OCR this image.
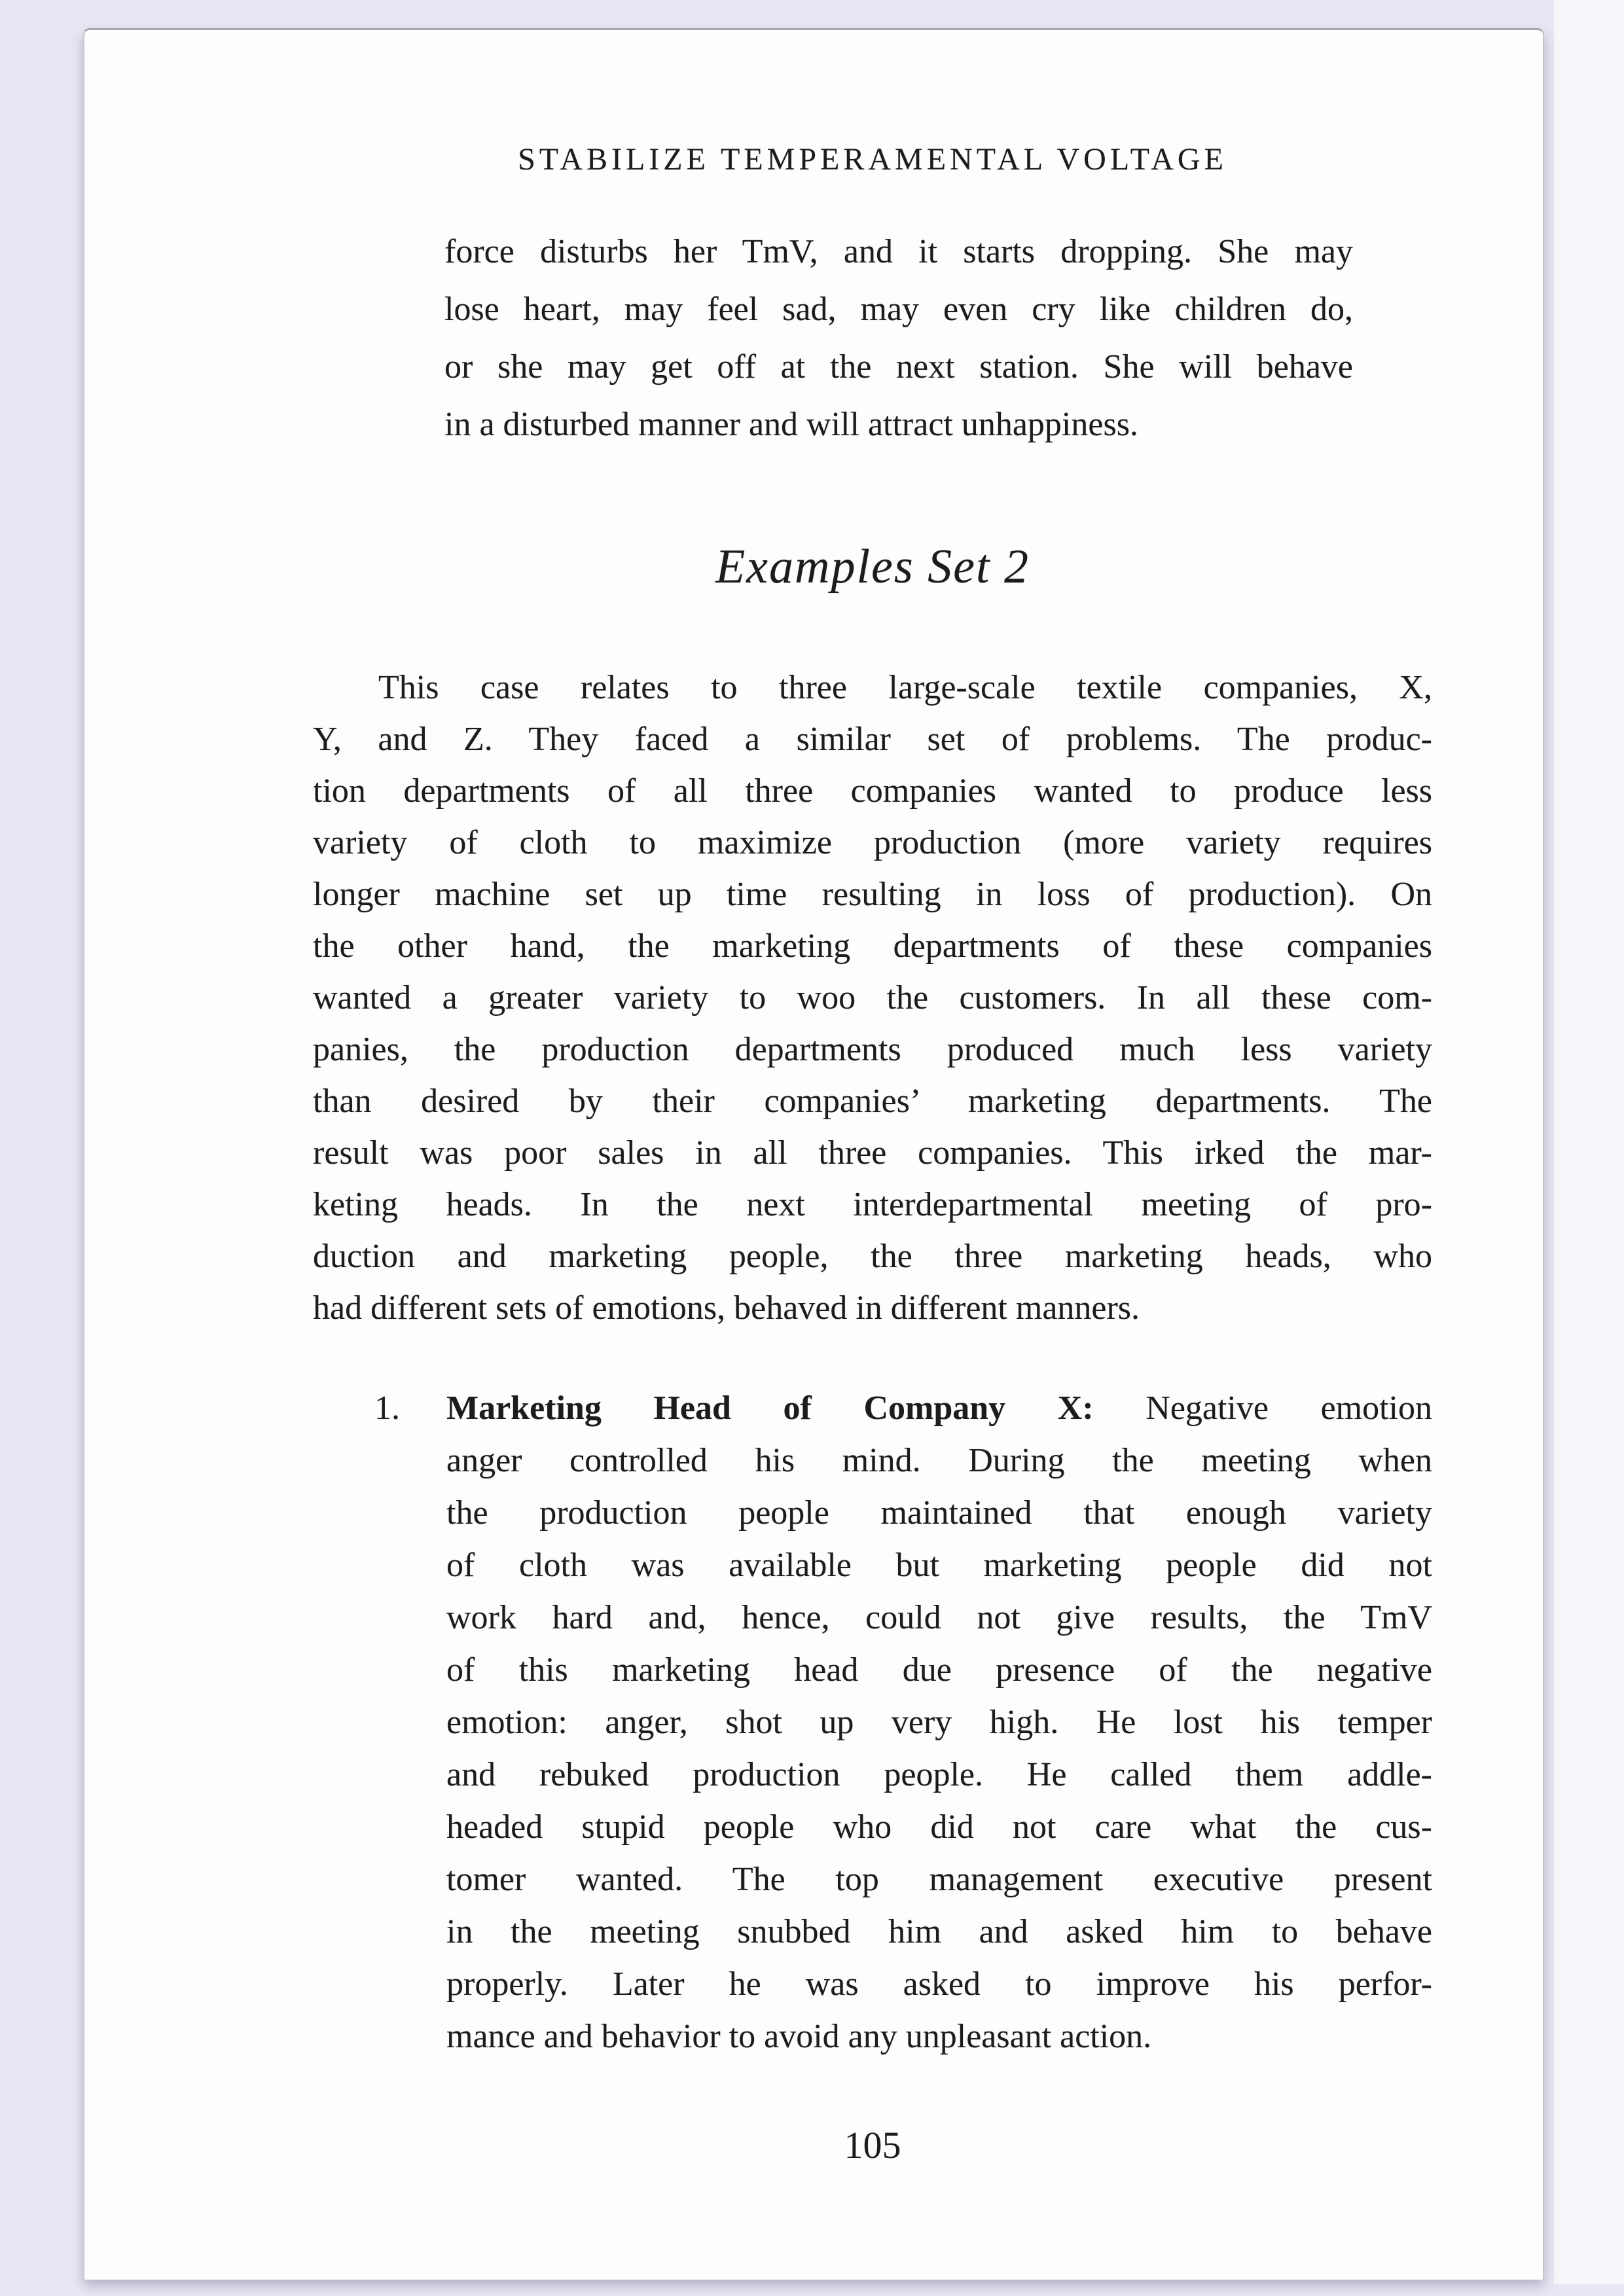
STABILIZE TEMPERAMENTAL VOLTAGE
force disturbs her TmV, and it starts dropping. She may
lose heart, may feel sad, may even cry like children do,
or she may get off at the next station. She will behave
in a disturbed manner and will attract unhappiness.
Examples Set 2
This case relates to three large-scale textile companies, X,
Y, and Z. They faced a similar set of problems. The produc-
tion departments of all three companies wanted to produce less
variety of cloth to maximize production (more variety requires
longer machine set up time resulting in loss of production). On
the other hand, the marketing departments of these companies
wanted a greater variety to woo the customers. In all these com-
panies, the production departments produced much less variety
than desired by their companies’ marketing departments. The
result was poor sales in all three companies. This irked the mar-
keting heads. In the next interdepartmental meeting of pro-
duction and marketing people, the three marketing heads, who
had different sets of emotions, behaved in different manners.
1.	Marketing Head of Company X: Negative emotion
anger controlled his mind. During the meeting when
the production people maintained that enough variety
of cloth was available but marketing people did not
work hard and, hence, could not give results, the TmV
of this marketing head due presence of the negative
emotion: anger, shot up very high. He lost his temper
and rebuked production people. He called them addle-
headed stupid people who did not care what the cus-
tomer wanted. The top management executive present
in the meeting snubbed him and asked him to behave
properly. Later he was asked to improve his perfor-
mance and behavior to avoid any unpleasant action.
105
